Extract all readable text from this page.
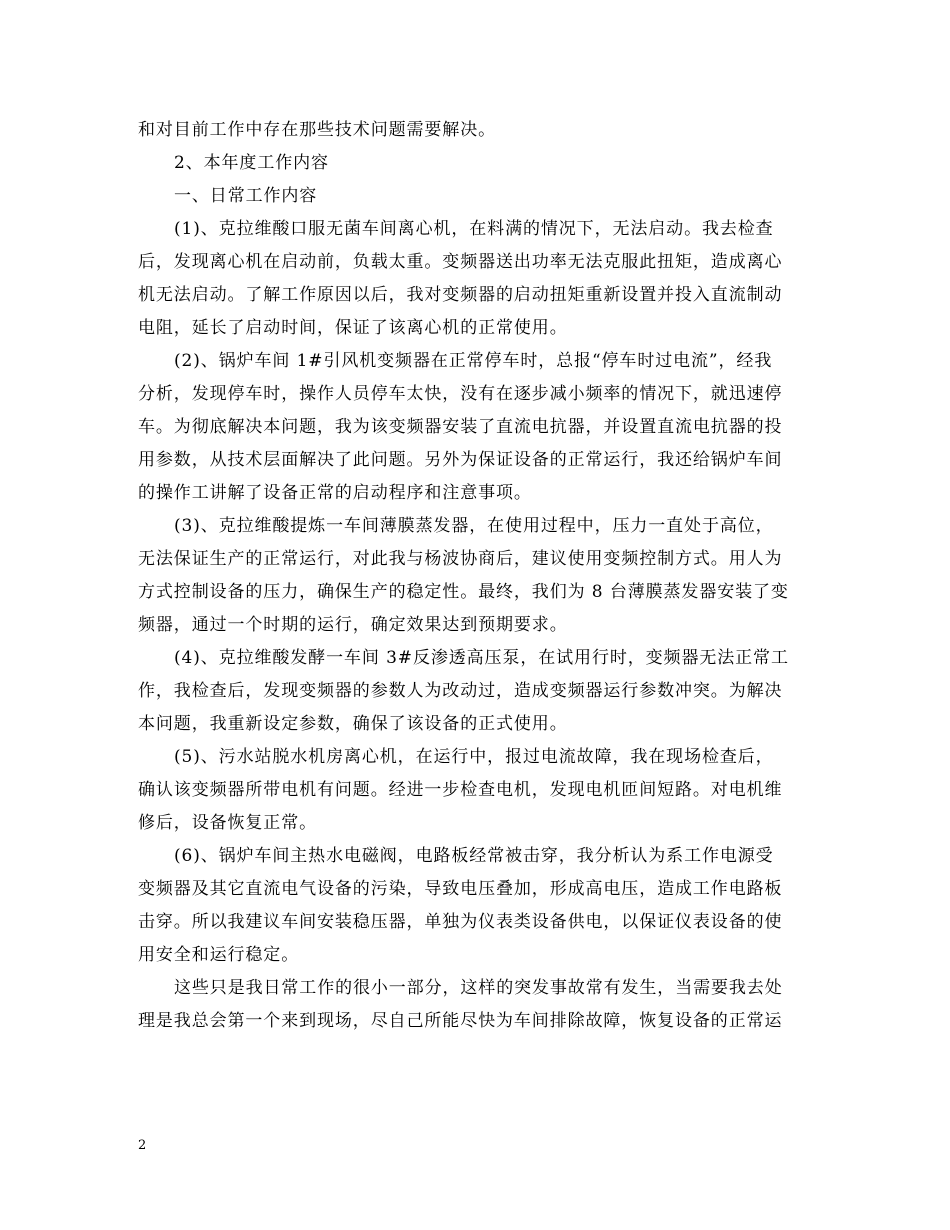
和对目前工作中存在那些技术问题需要解决。
2、本年度工作内容
一、日常工作内容
(1)、克拉维酸口服无菌车间离心机，在料满的情况下，无法启动。我去检查
后，发现离心机在启动前，负载太重。变频器送出功率无法克服此扭矩，造成离心
机无法启动。了解工作原因以后，我对变频器的启动扭矩重新设置并投入直流制动
电阻，延长了启动时间，保证了该离心机的正常使用。
(2)、锅炉车间 1#引风机变频器在正常停车时，总报“停车时过电流”，经我
分析，发现停车时，操作人员停车太快，没有在逐步减小频率的情况下，就迅速停
车。为彻底解决本问题，我为该变频器安装了直流电抗器，并设置直流电抗器的投
用参数，从技术层面解决了此问题。另外为保证设备的正常运行，我还给锅炉车间
的操作工讲解了设备正常的启动程序和注意事项。
(3)、克拉维酸提炼一车间薄膜蒸发器，在使用过程中，压力一直处于高位，
无法保证生产的正常运行，对此我与杨波协商后，建议使用变频控制方式。用人为
方式控制设备的压力，确保生产的稳定性。最终，我们为 8 台薄膜蒸发器安装了变
频器，通过一个时期的运行，确定效果达到预期要求。
(4)、克拉维酸发酵一车间 3#反渗透高压泵，在试用行时，变频器无法正常工
作，我检查后，发现变频器的参数人为改动过，造成变频器运行参数冲突。为解决
本问题，我重新设定参数，确保了该设备的正式使用。
(5)、污水站脱水机房离心机，在运行中，报过电流故障，我在现场检查后，
确认该变频器所带电机有问题。经进一步检查电机，发现电机匝间短路。对电机维
修后，设备恢复正常。
(6)、锅炉车间主热水电磁阀，电路板经常被击穿，我分析认为系工作电源受
变频器及其它直流电气设备的污染，导致电压叠加，形成高电压，造成工作电路板
击穿。所以我建议车间安装稳压器，单独为仪表类设备供电，以保证仪表设备的使
用安全和运行稳定。
这些只是我日常工作的很小一部分，这样的突发事故常有发生，当需要我去处
理是我总会第一个来到现场，尽自己所能尽快为车间排除故障，恢复设备的正常运
2
